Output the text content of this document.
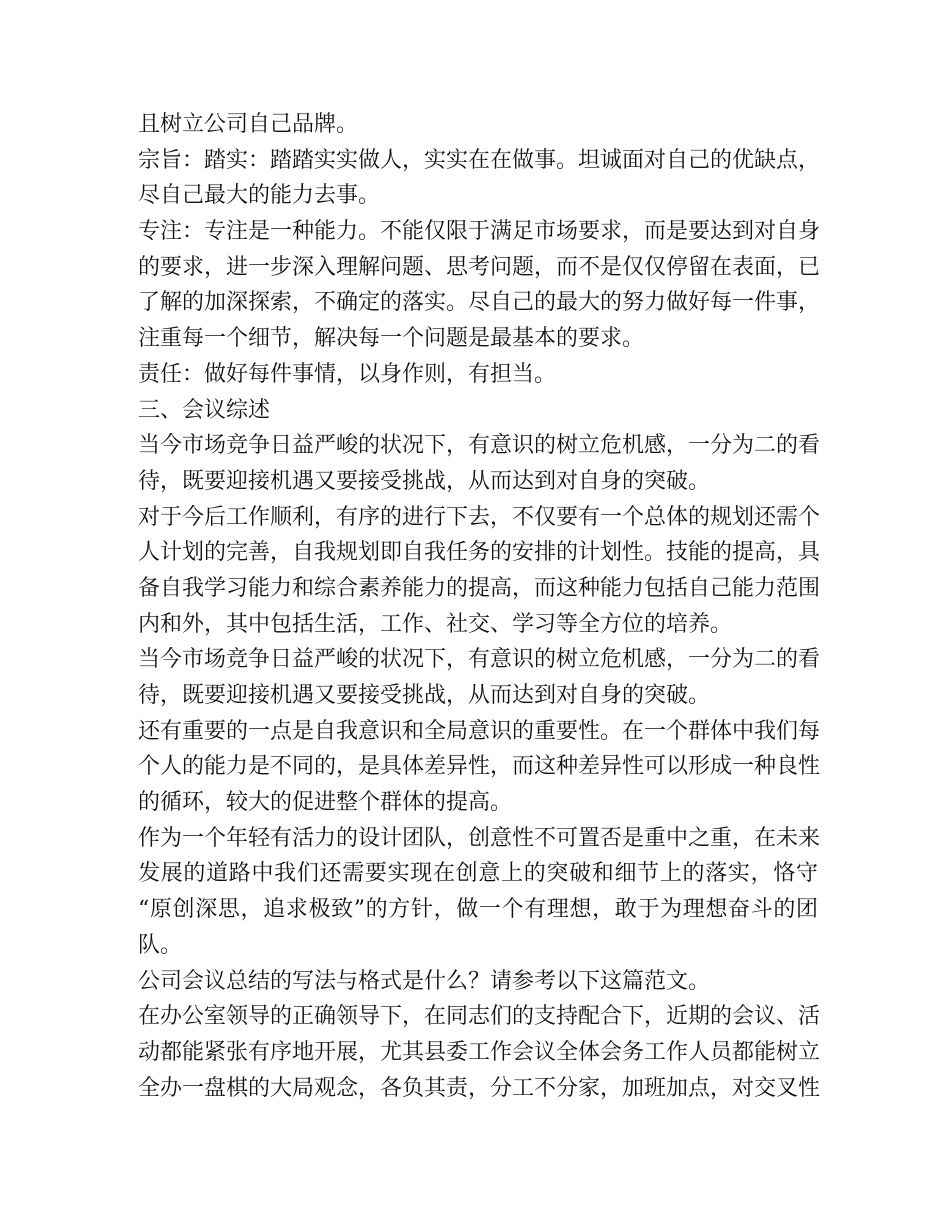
且树立公司自己品牌。
宗旨：踏实：踏踏实实做人，实实在在做事。坦诚面对自己的优缺点，
尽自己最大的能力去事。
专注：专注是一种能力。不能仅限于满足市场要求，而是要达到对自身
的要求，进一步深入理解问题、思考问题，而不是仅仅停留在表面，已
了解的加深探索，不确定的落实。尽自己的最大的努力做好每一件事，
注重每一个细节，解决每一个问题是最基本的要求。
责任：做好每件事情，以身作则，有担当。
三、会议综述
当今市场竞争日益严峻的状况下，有意识的树立危机感，一分为二的看
待，既要迎接机遇又要接受挑战，从而达到对自身的突破。
对于今后工作顺利，有序的进行下去，不仅要有一个总体的规划还需个
人计划的完善，自我规划即自我任务的安排的计划性。技能的提高，具
备自我学习能力和综合素养能力的提高，而这种能力包括自己能力范围
内和外，其中包括生活，工作、社交、学习等全方位的培养。
当今市场竞争日益严峻的状况下，有意识的树立危机感，一分为二的看
待，既要迎接机遇又要接受挑战，从而达到对自身的突破。
还有重要的一点是自我意识和全局意识的重要性。在一个群体中我们每
个人的能力是不同的，是具体差异性，而这种差异性可以形成一种良性
的循环，较大的促进整个群体的提高。
作为一个年轻有活力的设计团队，创意性不可置否是重中之重，在未来
发展的道路中我们还需要实现在创意上的突破和细节上的落实，恪守
“原创深思，追求极致”的方针，做一个有理想，敢于为理想奋斗的团
队。
公司会议总结的写法与格式是什么？请参考以下这篇范文。
在办公室领导的正确领导下，在同志们的支持配合下，近期的会议、活
动都能紧张有序地开展，尤其县委工作会议全体会务工作人员都能树立
全办一盘棋的大局观念，各负其责，分工不分家，加班加点，对交叉性
